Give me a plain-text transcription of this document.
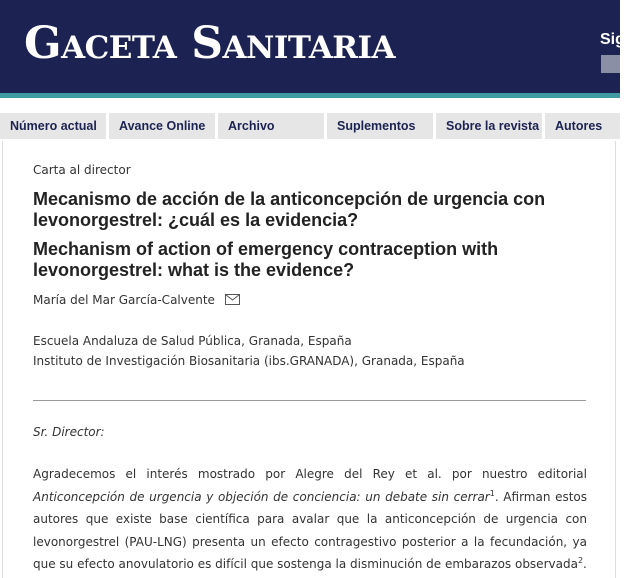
Gaceta Sanitaria	Sig
Número actual	Avance Online	Archivo	Suplementos	Sobre la revista	Autores
Carta al director
Mecanismo de acción de la anticoncepción de urgencia con levonorgestrel: ¿cuál es la evidencia?
Mechanism of action of emergency contraception with levonorgestrel: what is the evidence?
María del Mar García-Calvente
Escuela Andaluza de Salud Pública, Granada, España
Instituto de Investigación Biosanitaria (ibs.GRANADA), Granada, España
Sr. Director:

Agradecemos el interés mostrado por Alegre del Rey et al. por nuestro editorial Anticoncepción de urgencia y objeción de conciencia: un debate sin cerrar$^1$. Afirman estos autores que existe base científica para avalar que la anticoncepción de urgencia con levonorgestrel (PAU-LNG) presenta un efecto contragestivo posterior a la fecundación, ya que su efecto anovulatorio es difícil que sostenga la disminución de embarazos observada$^2$.
